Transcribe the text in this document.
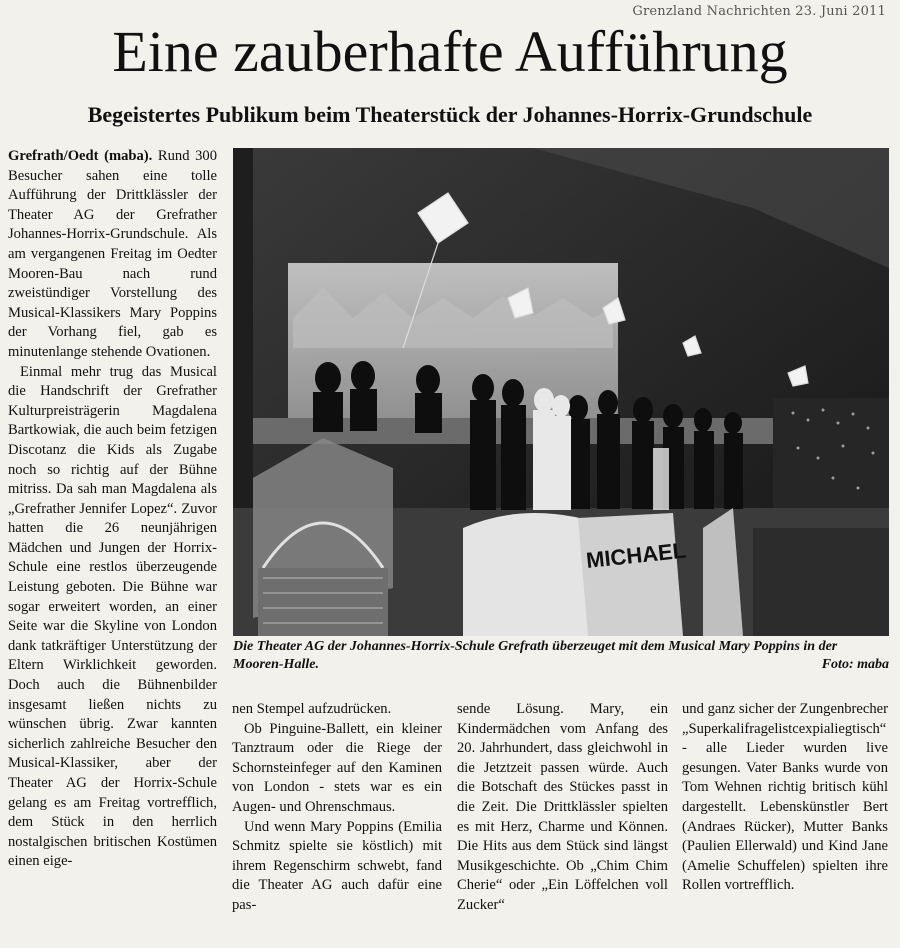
Grenzland Nachrichten 23. Juni 2011
Eine zauberhafte Aufführung
Begeistertes Publikum beim Theaterstück der Johannes-Horrix-Grundschule

Grefrath/Oedt (maba). Rund 300 Besucher sahen eine tolle Aufführung der Drittklässler der Theater AG der Grefrather Johannes-Horrix-Grundschule. Als am vergangenen Freitag im Oedter Mooren-Bau nach rund zweistündiger Vorstellung des Musical-Klassikers Mary Poppins der Vorhang fiel, gab es minutenlange stehende Ovationen.

Einmal mehr trug das Musical die Handschrift der Grefrather Kulturpreisträgerin Magdalena Bartkowiak, die auch beim fetzigen Discotanz die Kids als Zugabe noch so richtig auf der Bühne mitriss. Da sah man Magdalena als „Grefrather Jennifer Lopez“. Zuvor hatten die 26 neunjährigen Mädchen und Jungen der Horrix-Schule eine restlos überzeugende Leistung geboten. Die Bühne war sogar erweitert worden, an einer Seite war die Skyline von London dank tatkräftiger Unterstützung der Eltern Wirklichkeit geworden. Doch auch die Bühnenbilder insgesamt ließen nichts zu wünschen übrig. Zwar kannten sicherlich zahlreiche Besucher den Musical-Klassiker, aber der Theater AG der Horrix-Schule gelang es am Freitag vortrefflich, dem Stück in den herrlich nostalgischen britischen Kostümen einen eige-

MICHAEL
Die Theater AG der Johannes-Horrix-Schule Grefrath überzeuget mit dem Musical Mary Poppins in der Mooren-Halle.	Foto: maba

nen Stempel aufzudrücken.

Ob Pinguine-Ballett, ein kleiner Tanztraum oder die Riege der Schornsteinfeger auf den Kaminen von London - stets war es ein Augen- und Ohrenschmaus.

Und wenn Mary Poppins (Emilia Schmitz spielte sie köstlich) mit ihrem Regenschirm schwebt, fand die Theater AG auch dafür eine pas-

sende Lösung. Mary, ein Kindermädchen vom Anfang des 20. Jahrhundert, dass gleichwohl in die Jetztzeit passen würde. Auch die Botschaft des Stückes passt in die Zeit. Die Drittklässler spielten es mit Herz, Charme und Können. Die Hits aus dem Stück sind längst Musikgeschichte. Ob „Chim Chim Cherie“ oder „Ein Löffelchen voll Zucker“

und ganz sicher der Zungenbrecher „Superkalifragelistcexpialiegtisch“ - alle Lieder wurden live gesungen. Vater Banks wurde von Tom Wehnen richtig britisch kühl dargestellt. Lebenskünstler Bert (Andraes Rücker), Mutter Banks (Paulien Ellerwald) und Kind Jane (Amelie Schuffelen) spielten ihre Rollen vortrefflich.
